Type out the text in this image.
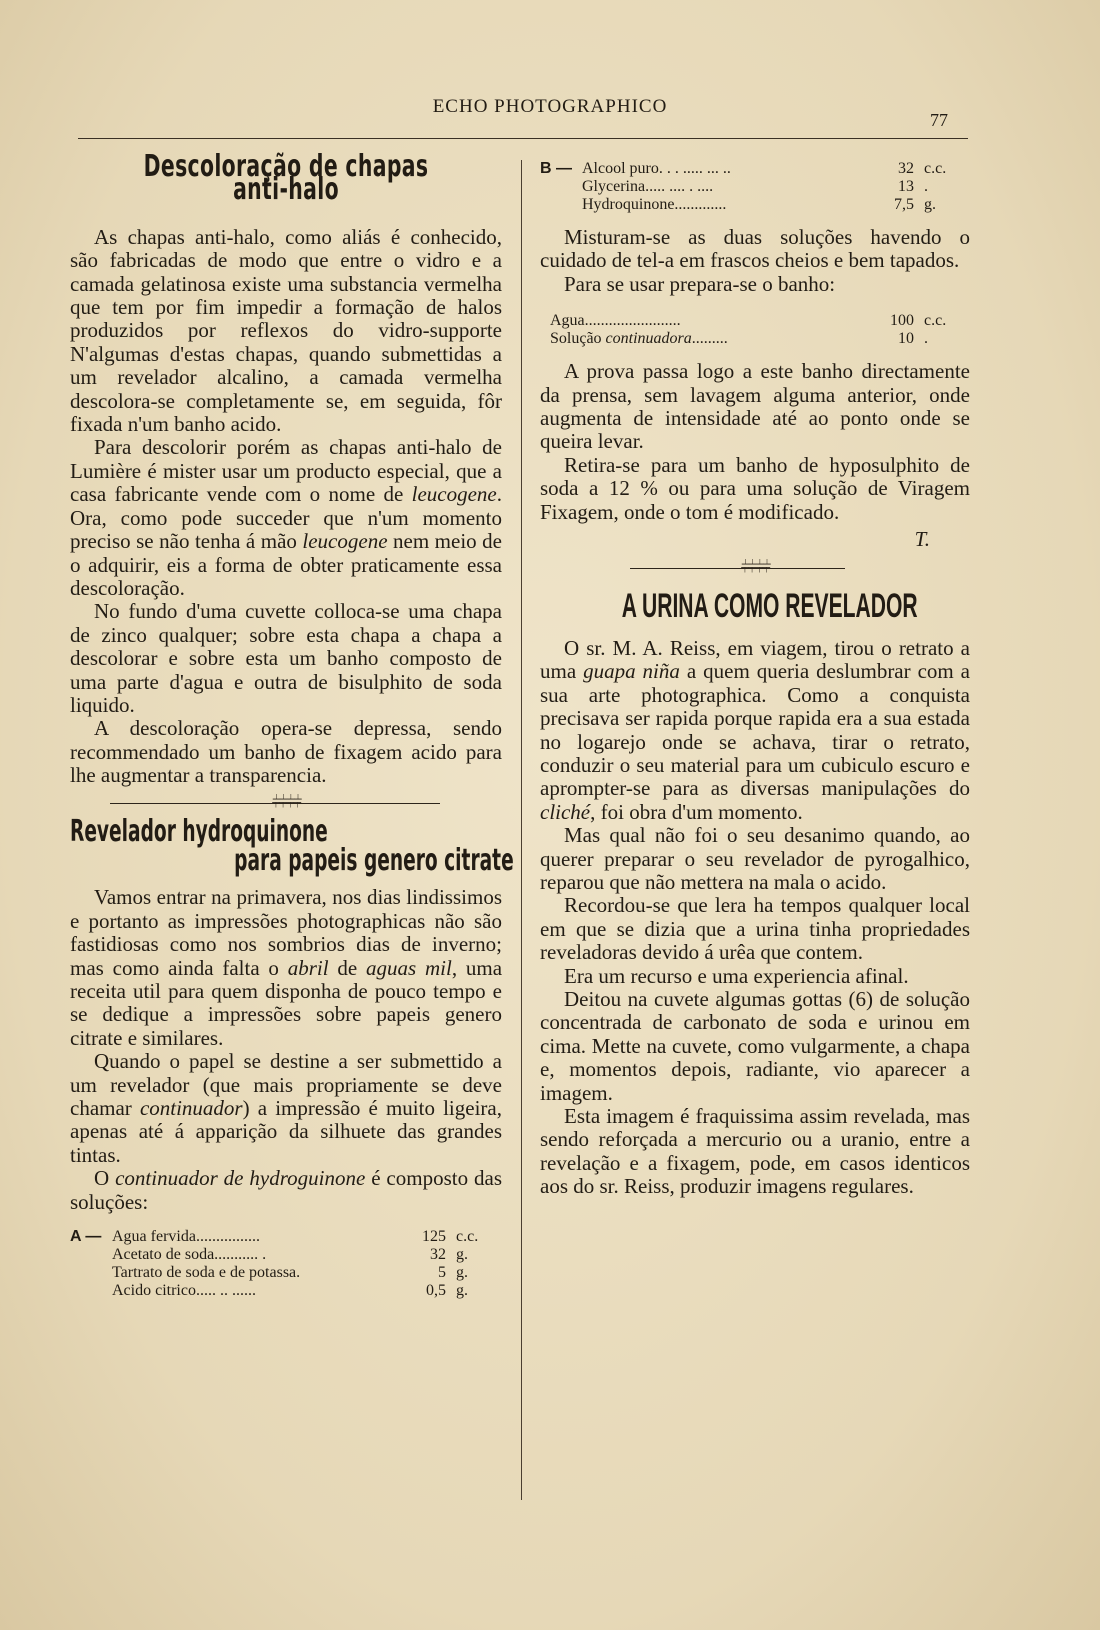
ECHO PHOTOGRAPHICO
77
Descoloração de chapas anti-halo

As chapas anti-halo, como aliás é conhecido, são fabricadas de modo que entre o vidro e a camada gelatinosa existe uma substancia vermelha que tem por fim impedir a formação de halos produzidos por reflexos do vidro-supporte N'algumas d'estas chapas, quando submettidas a um revelador alcalino, a camada vermelha descolora-se completamente se, em seguida, fôr fixada n'um banho acido.

Para descolorir porém as chapas anti-halo de Lumière é mister usar um producto especial, que a casa fabricante vende com o nome de leucogene. Ora, como pode succeder que n'um momento preciso se não tenha á mão leucogene nem meio de o adquirir, eis a forma de obter praticamente essa descoloração.

No fundo d'uma cuvette colloca-se uma chapa de zinco qualquer; sobre esta chapa a chapa a descolorar e sobre esta um banho composto de uma parte d'agua e outra de bisulphito de soda liquido.

A descoloração opera-se depressa, sendo recommendado um banho de fixagem acido para lhe augmentar a transparencia.

⫩⫩⫩⫩
Revelador hydroquinone
para papeis genero citrate

Vamos entrar na primavera, nos dias lindissimos e portanto as impressões photographicas não são fastidiosas como nos sombrios dias de inverno; mas como ainda falta o abril de aguas mil, uma receita util para quem disponha de pouco tempo e se dedique a impressões sobre papeis genero citrate e similares.

Quando o papel se destine a ser submettido a um revelador (que mais propriamente se deve chamar continuador) a impressão é muito ligeira, apenas até á apparição da silhuete das grandes tintas.

O continuador de hydroguinone é composto das soluções:

A — Agua fervida................	125 c.c.
Acetato de soda........... .	32 g.
Tartrato de soda e de potassa.	5 g.
Acido citrico..... .. ......	0,5 g.
B — Alcool puro. . . ..... ... ..	32 c.c.
Glycerina..... .... . ....	13 .
Hydroquinone.............	7,5 g.

Misturam-se as duas soluções havendo o cuidado de tel-a em frascos cheios e bem tapados.

Para se usar prepara-se o banho:

Agua........................	100 c.c.
Solução continuadora.........	10 .

A prova passa logo a este banho directamente da prensa, sem lavagem alguma anterior, onde augmenta de intensidade até ao ponto onde se queira levar.

Retira-se para um banho de hyposulphito de soda a 12 % ou para uma solução de Viragem Fixagem, onde o tom é modificado.

T.
⫩⫩⫩⫩
A URINA COMO REVELADOR

O sr. M. A. Reiss, em viagem, tirou o retrato a uma guapa niña a quem queria deslumbrar com a sua arte photographica. Como a conquista precisava ser rapida porque rapida era a sua estada no logarejo onde se achava, tirar o retrato, conduzir o seu material para um cubiculo escuro e aprompter-se para as diversas manipulações do cliché, foi obra d'um momento.

Mas qual não foi o seu desanimo quando, ao querer preparar o seu revelador de pyrogalhico, reparou que não mettera na mala o acido.

Recordou-se que lera ha tempos qualquer local em que se dizia que a urina tinha propriedades reveladoras devido á urêa que contem.

Era um recurso e uma experiencia afinal.

Deitou na cuvete algumas gottas (6) de solução concentrada de carbonato de soda e urinou em cima. Mette na cuvete, como vulgarmente, a chapa e, momentos depois, radiante, vio aparecer a imagem.

Esta imagem é fraquissima assim revelada, mas sendo reforçada a mercurio ou a uranio, entre a revelação e a fixagem, pode, em casos identicos aos do sr. Reiss, produzir imagens regulares.
